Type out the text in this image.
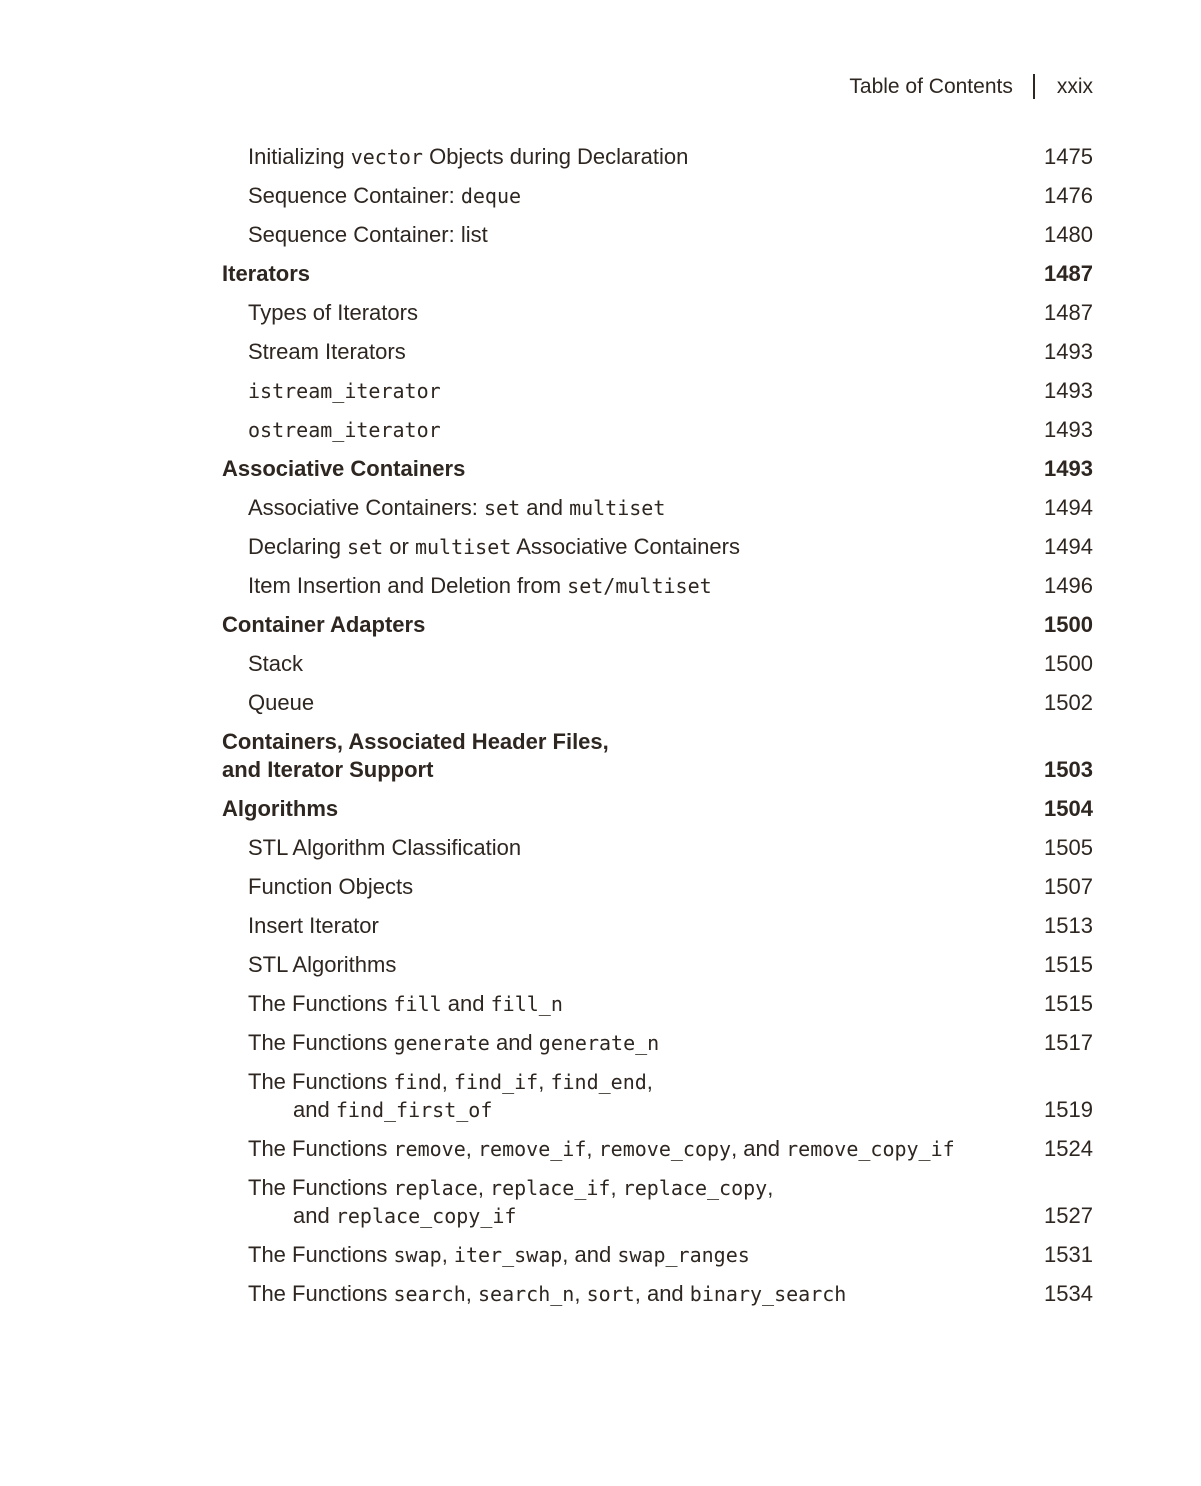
Table of Contents xxix
Initializing vector Objects during Declaration	1475
Sequence Container: deque	1476
Sequence Container: list	1480
Iterators	1487
Types of Iterators	1487
Stream Iterators	1493
istream_iterator	1493
ostream_iterator	1493
Associative Containers	1493
Associative Containers: set and multiset	1494
Declaring set or multiset Associative Containers	1494
Item Insertion and Deletion from set/multiset	1496
Container Adapters	1500
Stack	1500
Queue	1502
Containers, Associated Header Files,
and Iterator Support	1503
Algorithms	1504
STL Algorithm Classification	1505
Function Objects	1507
Insert Iterator	1513
STL Algorithms	1515
The Functions fill and fill_n	1515
The Functions generate and generate_n	1517
The Functions find, find_if, find_end,
and find_first_of	1519
The Functions remove, remove_if, remove_copy, and remove_copy_if	1524
The Functions replace, replace_if, replace_copy,
and replace_copy_if	1527
The Functions swap, iter_swap, and swap_ranges	1531
The Functions search, search_n, sort, and binary_search	1534
